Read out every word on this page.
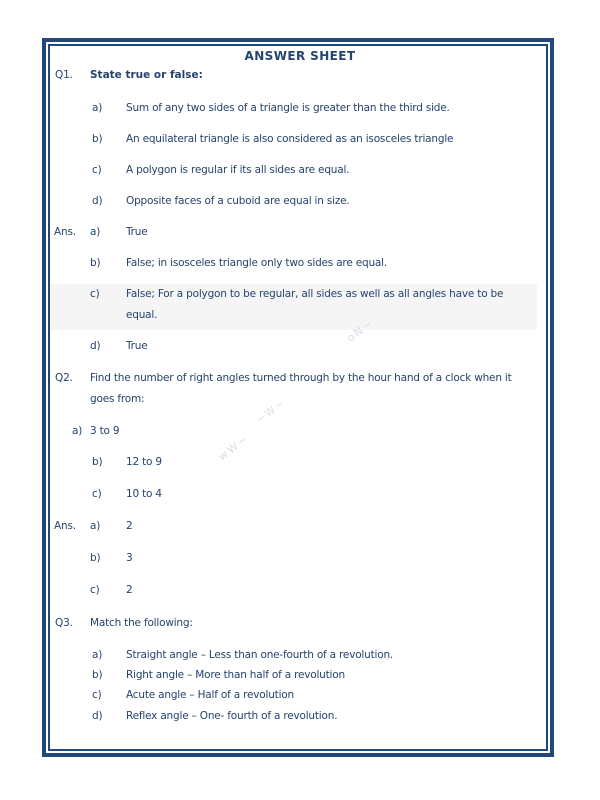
oN~
~W~
wW~
ANSWER SHEET
Q1. State true or false:
a) Sum of any two sides of a triangle is greater than the third side.
b) An equilateral triangle is also considered as an isosceles triangle
c) A polygon is regular if its all sides are equal.
d) Opposite faces of a cuboid are equal in size.
Ans. a) True
b) False; in isosceles triangle only two sides are equal.
c)	False; For a polygon to be regular, all sides as well as all angles have to be
equal.
d) True
Q2. Find the number of right angles turned through by the hour hand of a clock when it
goes from:
a) 3 to 9
b) 12 to 9
c) 10 to 4
Ans. a) 2
b) 3
c)	2
Q3. Match the following:
a) Straight angle – Less than one-fourth of a revolution.
b) Right angle – More than half of a revolution
c) Acute angle – Half of a revolution
d) Reflex angle – One- fourth of a revolution.
